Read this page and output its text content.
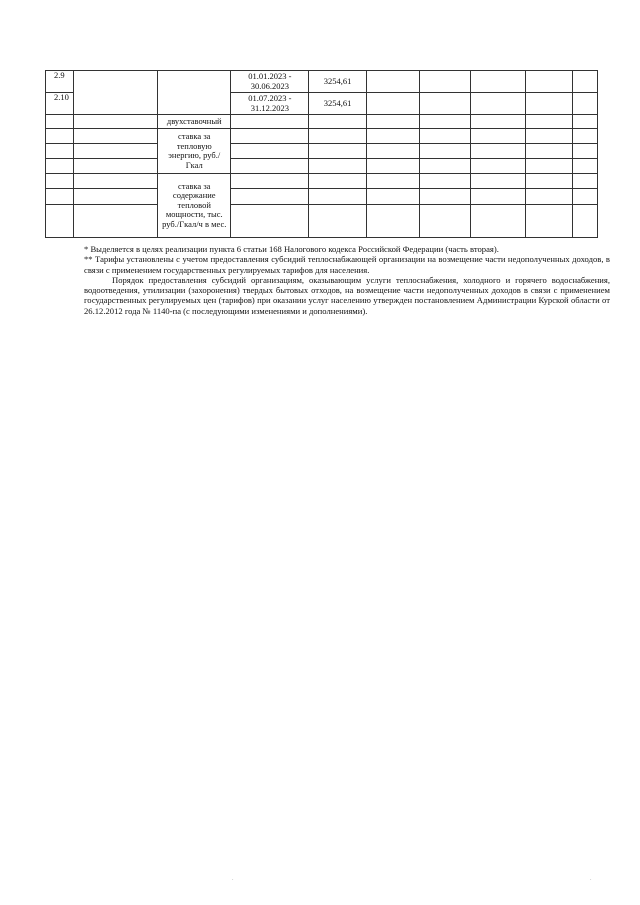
2.9			01.01.2023 - 30.06.2023	3254,61					
2.10			01.07.2023 - 31.12.2023	3254,61					
		двухставочный							
		ставка за тепловую энергию, руб./Гкал							

		ставка за содержание тепловой мощности, тыс. руб./Гкал/ч в мес.							

* Выделяется в целях реализации пункта 6 статьи 168 Налогового кодекса Российской Федерации (часть вторая).

** Тарифы установлены с учетом предоставления субсидий теплоснабжающей организации на возмещение части недополученных доходов, в связи с применением государственных регулируемых тарифов для населения.

Порядок предоставления субсидий организациям, оказывающим услуги теплоснабжения, холодного и горячего водоснабжения, водоотведения, утилизации (захоронения) твердых бытовых отходов, на возмещение части недополученных доходов в связи с применением государственных регулируемых цен (тарифов) при оказании услуг населению утвержден постановлением Администрации Курской области от 26.12.2012 года № 1140-па (с последующими изменениями и дополнениями).

.	.
